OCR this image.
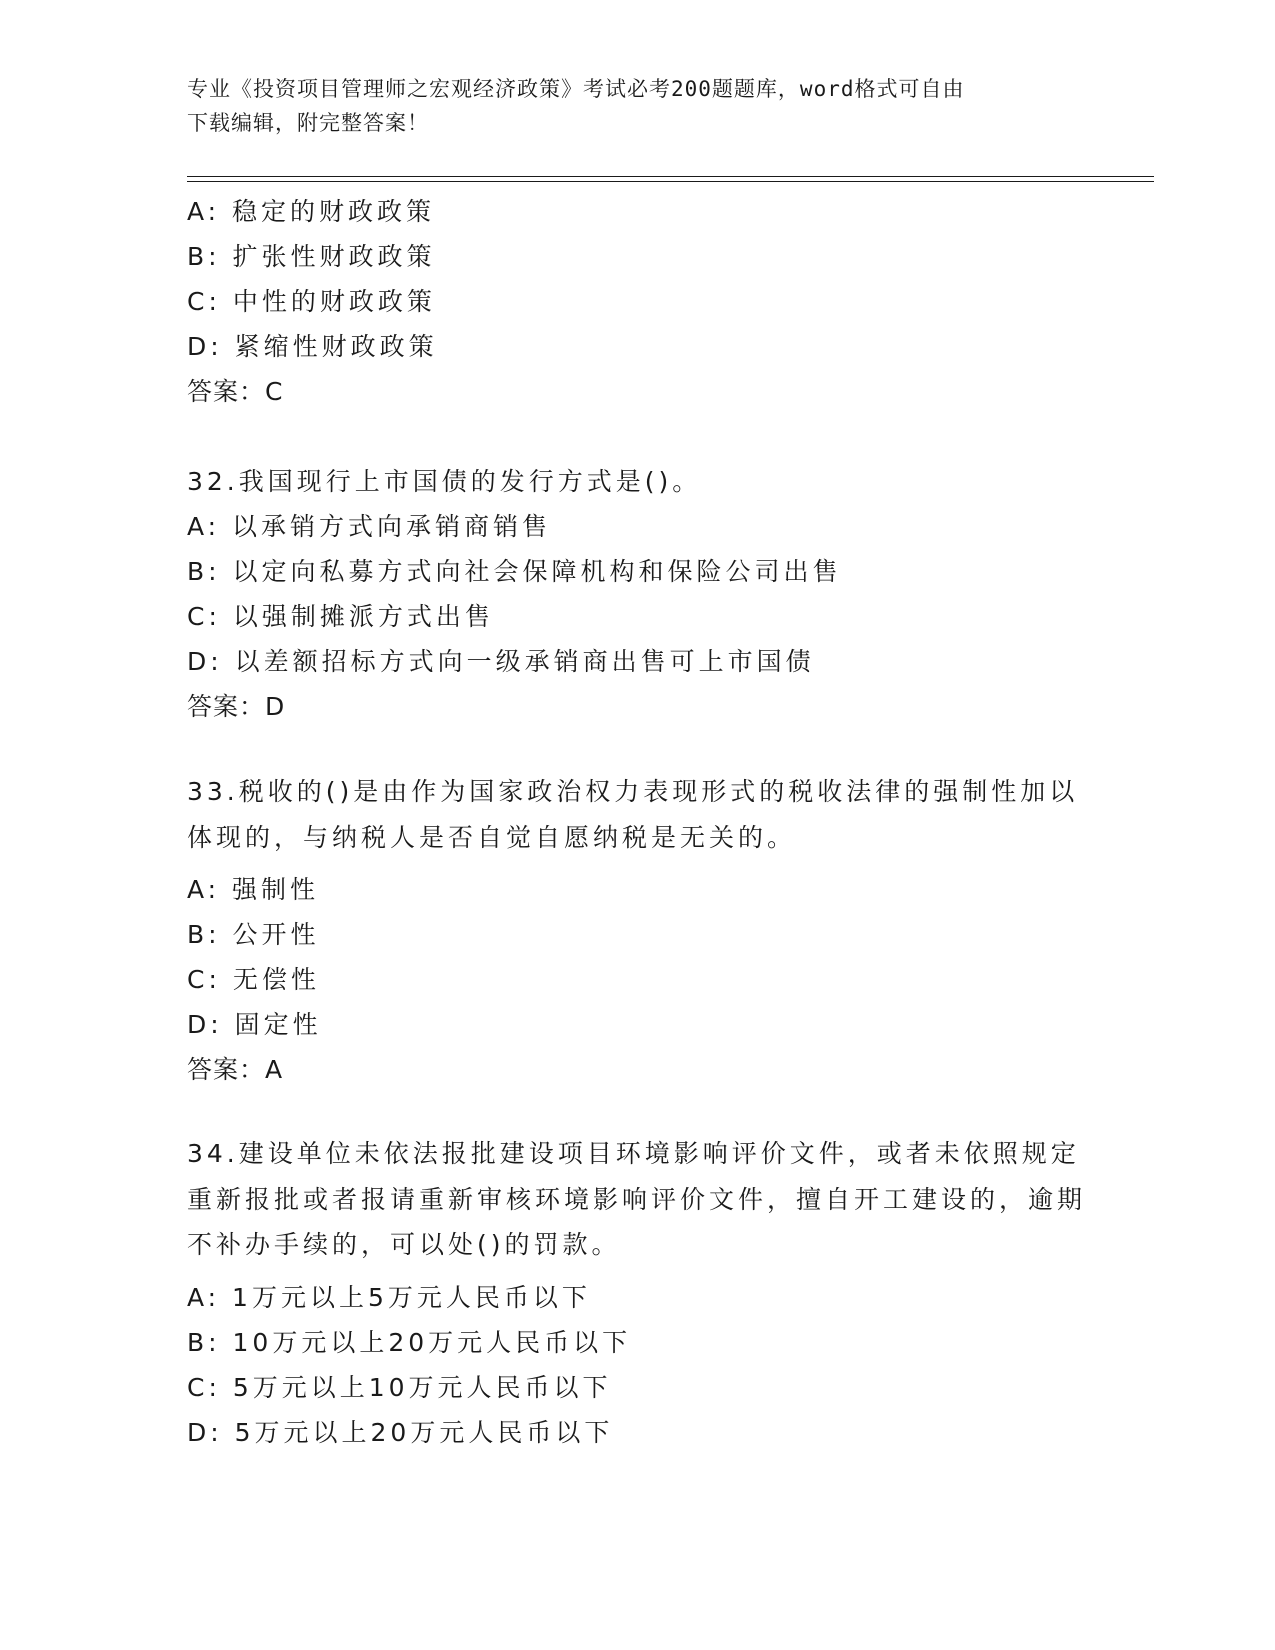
专业《投资项目管理师之宏观经济政策》考试必考200题题库，word格式可自由
下载编辑，附完整答案！
A: 稳定的财政政策
B: 扩张性财政政策
C: 中性的财政政策
D: 紧缩性财政政策
答案：C
32.我国现行上市国债的发行方式是()。
A: 以承销方式向承销商销售
B: 以定向私募方式向社会保障机构和保险公司出售
C: 以强制摊派方式出售
D: 以差额招标方式向一级承销商出售可上市国债
答案：D
33.税收的()是由作为国家政治权力表现形式的税收法律的强制性加以体现的，与纳税人是否自觉自愿纳税是无关的。
A: 强制性
B: 公开性
C: 无偿性
D: 固定性
答案：A
34.建设单位未依法报批建设项目环境影响评价文件，或者未依照规定重新报批或者报请重新审核环境影响评价文件，擅自开工建设的，逾期不补办手续的，可以处()的罚款。
A: 1万元以上5万元人民币以下
B: 10万元以上20万元人民币以下
C: 5万元以上10万元人民币以下
D: 5万元以上20万元人民币以下
